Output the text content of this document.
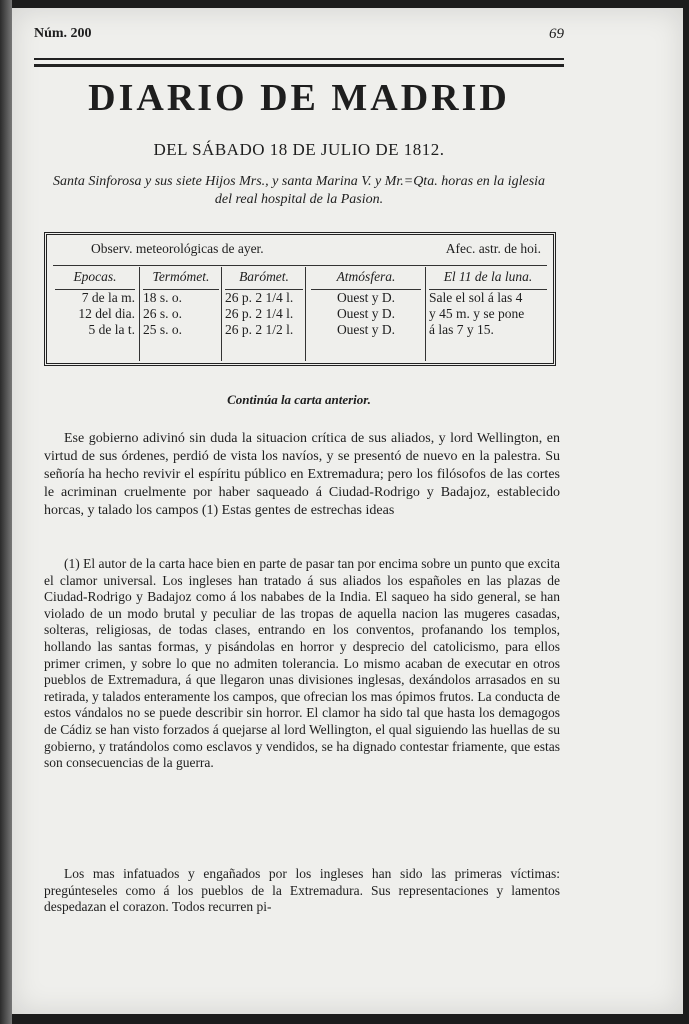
Núm. 200	69
DIARIO DE MADRID
DEL SÁBADO 18 DE JULIO DE 1812.
Santa Sinforosa y sus siete Hijos Mrs., y santa Marina V. y Mr.=Qta. horas en la iglesia del real hospital de la Pasion.
Observ. meteorológicas de ayer.	Afec. astr. de hoi.
Epocas.
7 de la m.
12 del dia.
5 de la t.
Termómet.
18 s. o.
26 s. o.
25 s. o.
Barómet.
26 p. 2 1/4 l.
26 p. 2 1/4 l.
26 p. 2 1/2 l.
Atmósfera.
Ouest y D.
Ouest y D.
Ouest y D.
El 11 de la luna.
Sale el sol á las 4
y 45 m. y se pone
á las 7 y 15.
Continúa la carta anterior.
Ese gobierno adivinó sin duda la situacion crítica de sus aliados, y lord Wellington, en virtud de sus órdenes, perdió de vista los navíos, y se presentó de nuevo en la palestra. Su señoría ha hecho revivir el espíritu público en Extremadura; pero los filósofos de las cortes le acriminan cruelmente por haber saqueado á Ciudad-Rodrigo y Badajoz, establecido horcas, y talado los campos (1) Estas gentes de estrechas ideas
(1) El autor de la carta hace bien en parte de pasar tan por encima sobre un punto que excita el clamor universal. Los ingleses han tratado á sus aliados los españoles en las plazas de Ciudad-Rodrigo y Badajoz como á los nababes de la India. El saqueo ha sido general, se han violado de un modo brutal y peculiar de las tropas de aquella nacion las mugeres casadas, solteras, religiosas, de todas clases, entrando en los conventos, profanando los templos, hollando las santas formas, y pisándolas en horror y desprecio del catolicismo, para ellos primer crimen, y sobre lo que no admiten tolerancia. Lo mismo acaban de executar en otros pueblos de Extremadura, á que llegaron unas divisiones inglesas, dexándolos arrasados en su retirada, y talados enteramente los campos, que ofrecian los mas ópimos frutos. La conducta de estos vándalos no se puede describir sin horror. El clamor ha sido tal que hasta los demagogos de Cádiz se han visto forzados á quejarse al lord Wellington, el qual siguiendo las huellas de su gobierno, y tratándolos como esclavos y vendidos, se ha dignado contestar friamente, que estas son consecuencias de la guerra.
Los mas infatuados y engañados por los ingleses han sido las primeras víctimas: pregúnteseles como á los pueblos de la Extremadura. Sus representaciones y lamentos despedazan el corazon. Todos recurren pi-
